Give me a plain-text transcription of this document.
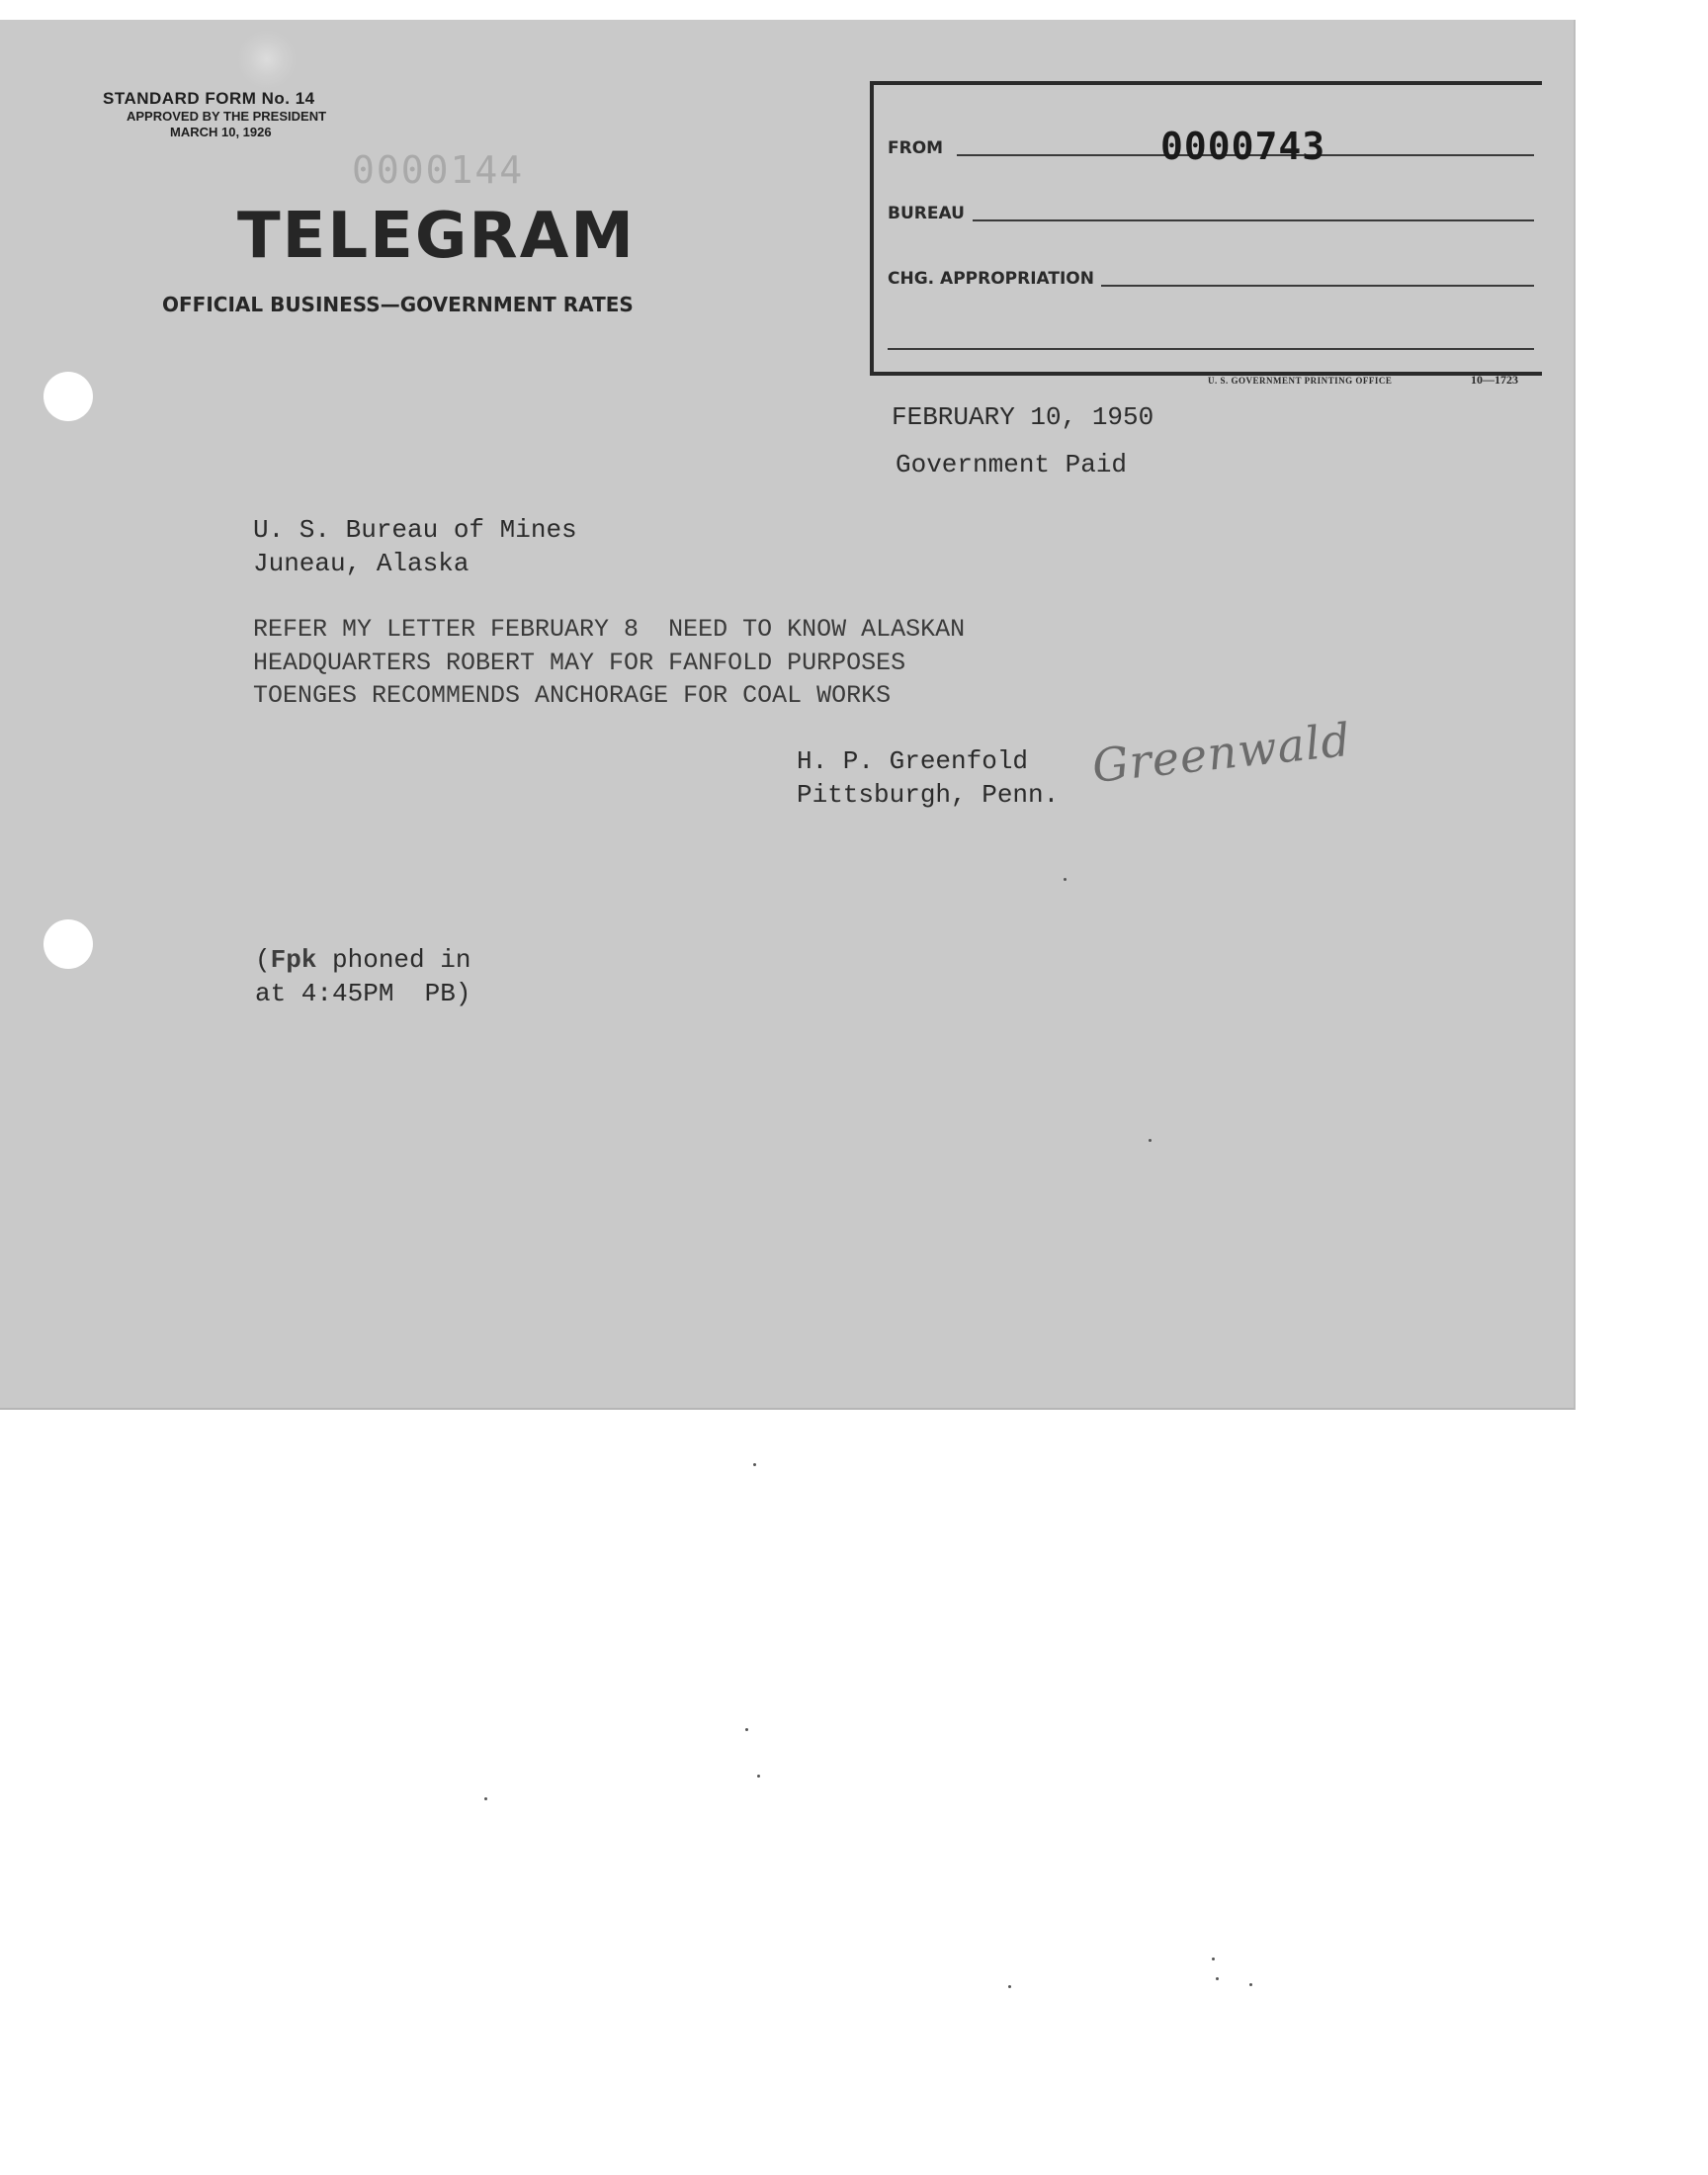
STANDARD FORM No. 14
APPROVED BY THE PRESIDENT
MARCH 10, 1926
0000144
TELEGRAM
OFFICIAL BUSINESS—GOVERNMENT RATES
FROM	0000743
BUREAU
CHG. APPROPRIATION
U. S. GOVERNMENT PRINTING OFFICE	10—1723
FEBRUARY 10, 1950
Government Paid
U. S. Bureau of Mines
Juneau, Alaska
REFER MY LETTER FEBRUARY 8  NEED TO KNOW ALASKAN
HEADQUARTERS ROBERT MAY FOR FANFOLD PURPOSES
TOENGES RECOMMENDS ANCHORAGE FOR COAL WORKS
H. P. Greenfold
Pittsburgh, Penn.
Greenwald
(Fpk phoned in
at 4:45PM  PB)
